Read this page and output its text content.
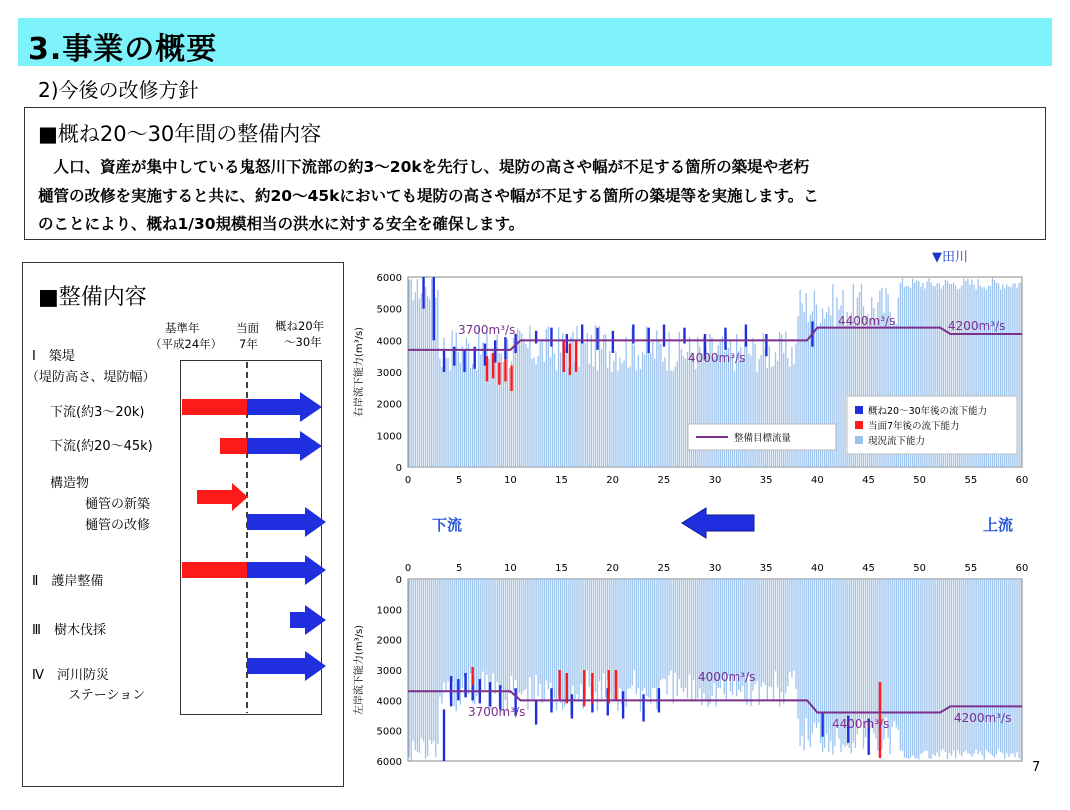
3.事業の概要
2)今後の改修方針
■概ね20～30年間の整備内容
　人口、資産が集中している鬼怒川下流部の約3～20kを先行し、堤防の高さや幅が不足する箇所の築堤や老朽
樋管の改修を実施すると共に、約20～45kにおいても堤防の高さや幅が不足する箇所の築堤等を実施します。こ
のことにより、概ね1/30規模相当の洪水に対する安全を確保します。
■整備内容
基準年
（平成24年）
当面
7年
概ね20年
～30年
Ⅰ　築堤
（堤防高さ、堤防幅）
下流(約3～20k)
下流(約20～45k)
構造物
樋管の新築
樋管の改修
Ⅱ　護岸整備
Ⅲ　樹木伐採
Ⅳ　河川防災
ステーション
▼田川
下流	上流
0
1000
2000
3000
4000
5000
6000
0	5	10	15	20	25	30	35	40	45	50	55	60
右岸流下能力(m³/s)	3700m³/s
4000m³/s
4400m³/s	4200m³/s
概ね20～30年後の流下能力
当面7年後の流下能力
現況流下能力
整備目標流量
0
1000
2000
3000
4000
5000
6000
0	5	10	15	20	25	30	35	40	45	50	55	60
左岸流下能力(m³/s)	4000m³/s
3700m³/s
4400m³/s	4200m³/s
7
